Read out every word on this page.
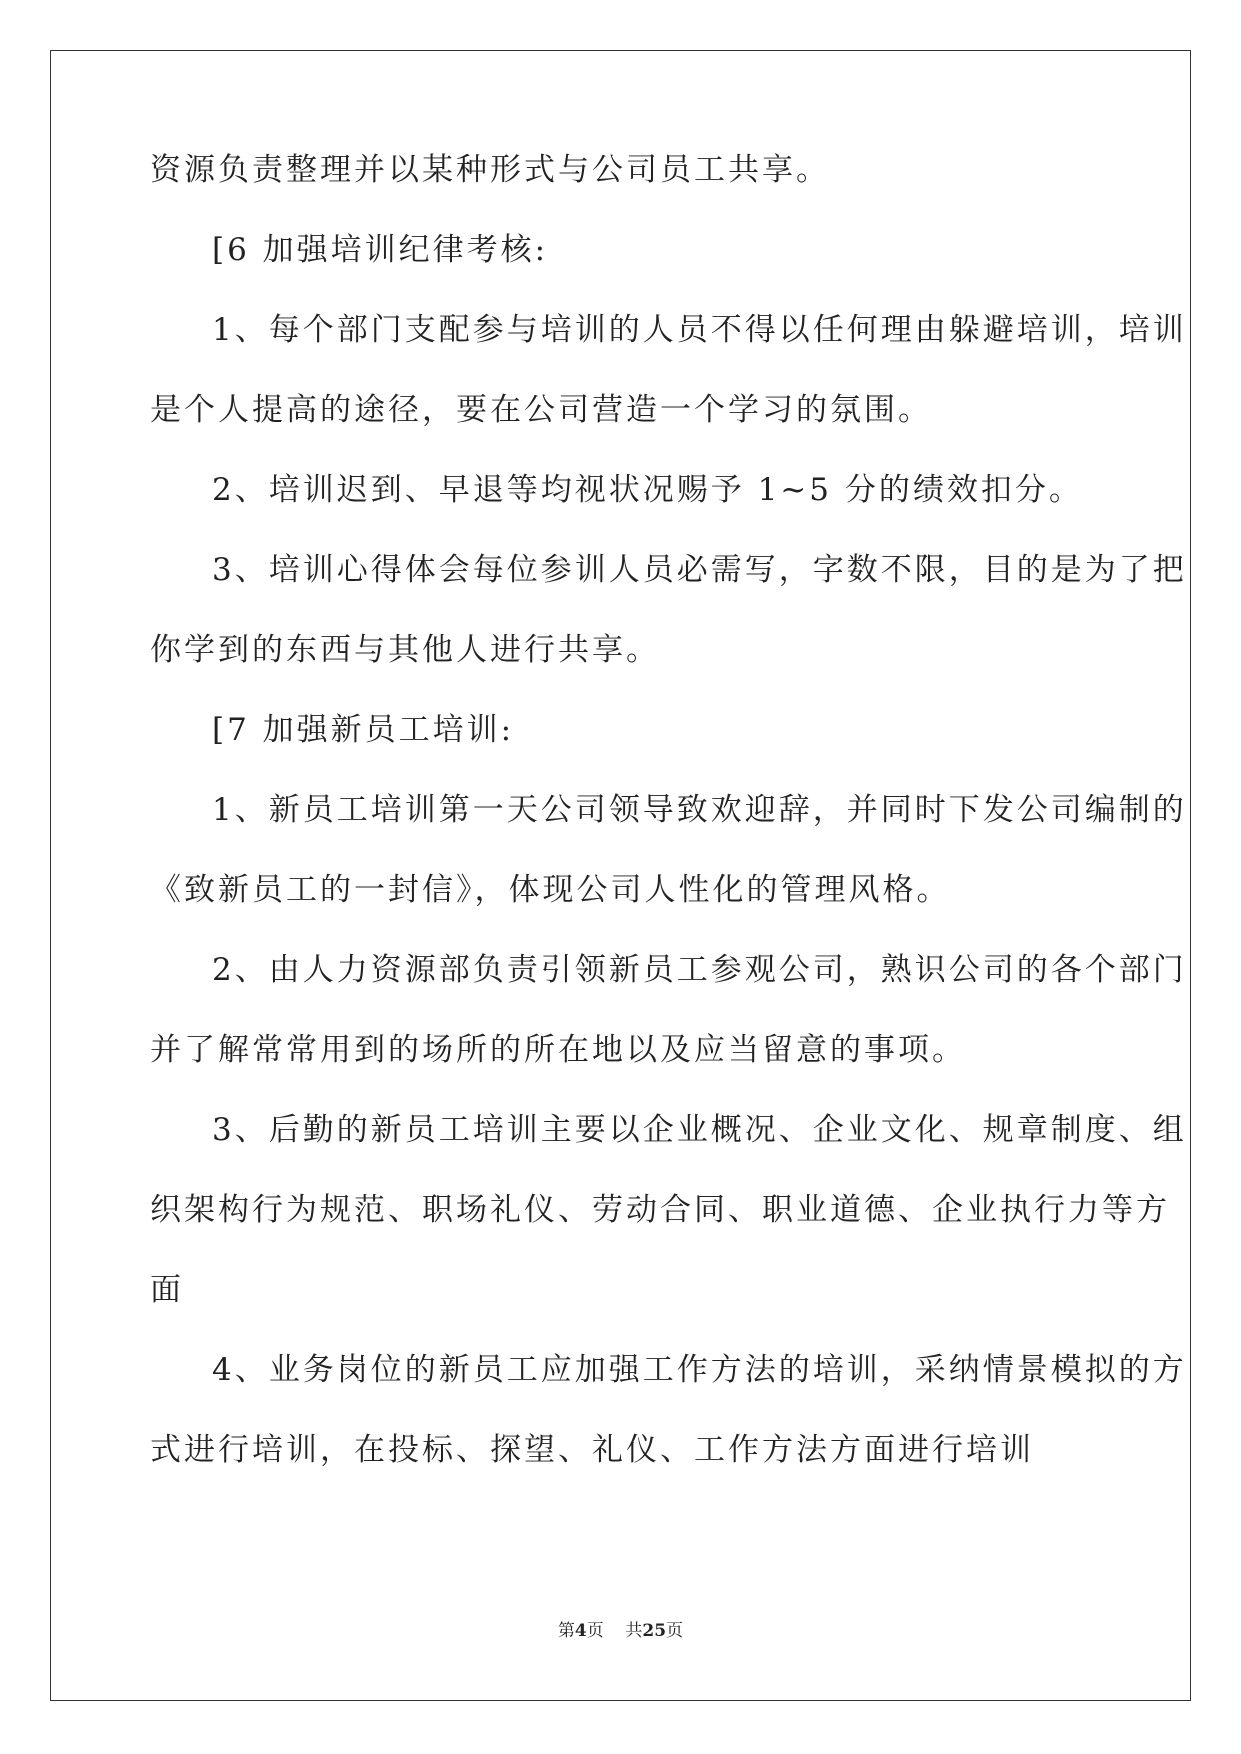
资源负责整理并以某种形式与公司员工共享。
[6 加强培训纪律考核:
1、每个部门支配参与培训的人员不得以任何理由躲避培训，培训
是个人提高的途径，要在公司营造一个学习的氛围。
2、培训迟到、早退等均视状况赐予 1~5 分的绩效扣分。
3、培训心得体会每位参训人员必需写，字数不限，目的是为了把
你学到的东西与其他人进行共享。
[7 加强新员工培训:
1、新员工培训第一天公司领导致欢迎辞，并同时下发公司编制的
《致新员工的一封信》，体现公司人性化的管理风格。
2、由人力资源部负责引领新员工参观公司，熟识公司的各个部门
并了解常常用到的场所的所在地以及应当留意的事项。
3、后勤的新员工培训主要以企业概况、企业文化、规章制度、组
织架构行为规范、职场礼仪、劳动合同、职业道德、企业执行力等方
面
4、业务岗位的新员工应加强工作方法的培训，采纳情景模拟的方
式进行培训，在投标、探望、礼仪、工作方法方面进行培训
第4页 共25页
